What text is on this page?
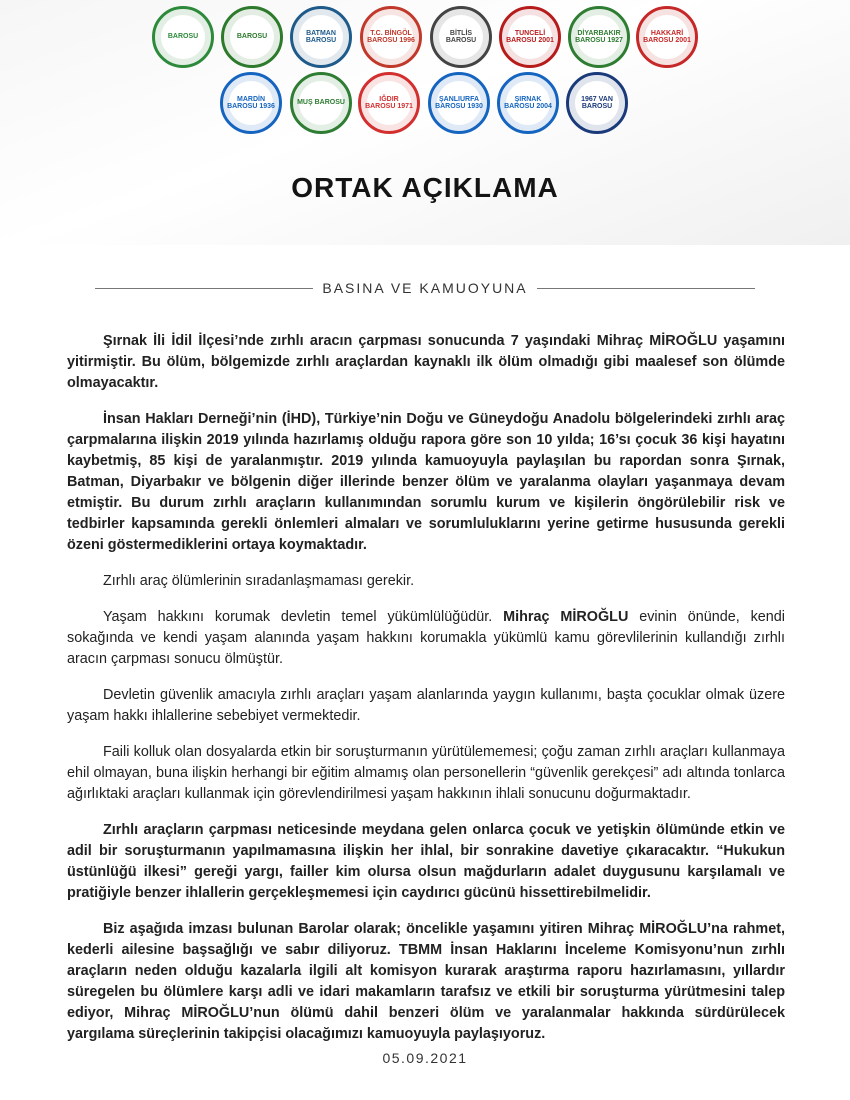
BAROSU	BAROSU
BATMAN BAROSU
T.C. BİNGÖL BAROSU 1996
BİTLİS BAROSU
TUNCELİ BAROSU 2001
DİYARBAKIR BAROSU 1927
HAKKARİ BAROSU 2001
MARDİN BAROSU 1936
MUŞ BAROSU
IĞDIR BAROSU 1971
ŞANLIURFA BAROSU 1930
ŞIRNAK BAROSU 2004
1967 VAN BAROSU
ORTAK AÇIKLAMA
BASINA VE KAMUOYUNA

Şırnak İli İdil İlçesi’nde zırhlı aracın çarpması sonucunda 7 yaşındaki Mihraç MİROĞLU yaşamını yitirmiştir. Bu ölüm, bölgemizde zırhlı araçlardan kaynaklı ilk ölüm olmadığı gibi maalesef son ölümde olmayacaktır.

İnsan Hakları Derneği’nin (İHD), Türkiye’nin Doğu ve Güneydoğu Anadolu bölgelerindeki zırhlı araç çarpmalarına ilişkin 2019 yılında hazırlamış olduğu rapora göre son 10 yılda; 16’sı çocuk 36 kişi hayatını kaybetmiş, 85 kişi de yaralanmıştır. 2019 yılında kamuoyuyla paylaşılan bu rapordan sonra Şırnak, Batman, Diyarbakır ve bölgenin diğer illerinde benzer ölüm ve yaralanma olayları yaşanmaya devam etmiştir. Bu durum zırhlı araçların kullanımından sorumlu kurum ve kişilerin öngörülebilir risk ve tedbirler kapsamında gerekli önlemleri almaları ve sorumluluklarını yerine getirme hususunda gerekli özeni göstermediklerini ortaya koymaktadır.

Zırhlı araç ölümlerinin sıradanlaşmaması gerekir.

Yaşam hakkını korumak devletin temel yükümlülüğüdür. Mihraç MİROĞLU evinin önünde, kendi sokağında ve kendi yaşam alanında yaşam hakkını korumakla yükümlü kamu görevlilerinin kullandığı zırhlı aracın çarpması sonucu ölmüştür.

Devletin güvenlik amacıyla zırhlı araçları yaşam alanlarında yaygın kullanımı, başta çocuklar olmak üzere yaşam hakkı ihlallerine sebebiyet vermektedir.

Faili kolluk olan dosyalarda etkin bir soruşturmanın yürütülememesi; çoğu zaman zırhlı araçları kullanmaya ehil olmayan, buna ilişkin herhangi bir eğitim almamış olan personellerin “güvenlik gerekçesi” adı altında tonlarca ağırlıktaki araçları kullanmak için görevlendirilmesi yaşam hakkının ihlali sonucunu doğurmaktadır.

Zırhlı araçların çarpması neticesinde meydana gelen onlarca çocuk ve yetişkin ölümünde etkin ve adil bir soruşturmanın yapılmamasına ilişkin her ihlal, bir sonrakine davetiye çıkaracaktır. “Hukukun üstünlüğü ilkesi” gereği yargı, failler kim olursa olsun mağdurların adalet duygusunu karşılamalı ve pratiğiyle benzer ihlallerin gerçekleşmemesi için caydırıcı gücünü hissettirebilmelidir.

Biz aşağıda imzası bulunan Barolar olarak; öncelikle yaşamını yitiren Mihraç MİROĞLU’na rahmet, kederli ailesine başsağlığı ve sabır diliyoruz. TBMM İnsan Haklarını İnceleme Komisyonu’nun zırhlı araçların neden olduğu kazalarla ilgili alt komisyon kurarak araştırma raporu hazırlamasını, yıllardır süregelen bu ölümlere karşı adli ve idari makamların tarafsız ve etkili bir soruşturma yürütmesini talep ediyor, Mihraç MİROĞLU’nun ölümü dahil benzeri ölüm ve yaralanmalar hakkında sürdürülecek yargılama süreçlerinin takipçisi olacağımızı kamuoyuyla paylaşıyoruz.

05.09.2021
